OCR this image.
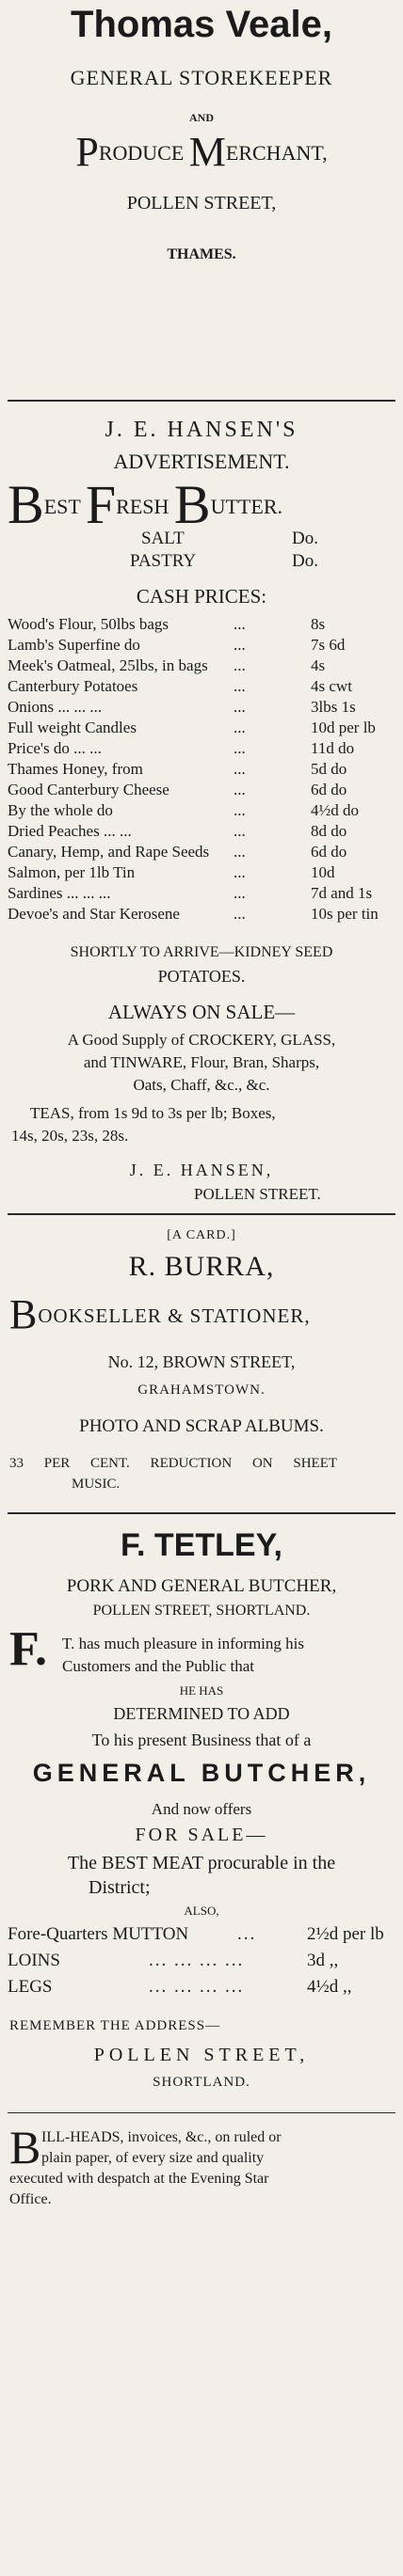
Thomas Veale,
GENERAL STOREKEEPER
AND
PRODUCE MERCHANT,
POLLEN STREET,
THAMES.
J. E. HANSEN'S
ADVERTISEMENT.
BEST FRESH BUTTER.
SALT	Do.
PASTRY	Do.
CASH PRICES:
Wood's Flour, 50lbs bags	...	8s
Lamb's Superfine do	...	7s 6d
Meek's Oatmeal, 25lbs, in bags ...	4s
Canterbury Potatoes	...	4s cwt
Onions ... ... ...	...	3lbs 1s
Full weight Candles	...	10d per lb
Price's do ... ...	...	11d do
Thames Honey, from	...	5d do
Good Canterbury Cheese	...	6d do
By the whole do	...	4½d do
Dried Peaches ... ...	...	8d do
Canary, Hemp, and Rape Seeds ...	6d do
Salmon, per 1lb Tin	...	10d
Sardines ... ... ...	...	7d and 1s
Devoe's and Star Kerosene	...	10s per tin
SHORTLY TO ARRIVE—KIDNEY SEED
POTATOES.
ALWAYS ON SALE—
A Good Supply of CROCKERY, GLASS,
and TINWARE, Flour, Bran, Sharps,
Oats, Chaff, &c., &c.
TEAS, from 1s 9d to 3s per lb; Boxes,
14s, 20s, 23s, 28s.
J. E. HANSEN,
POLLEN STREET.
[A CARD.]
R. BURRA,
BOOKSELLER & STATIONER,
No. 12, BROWN STREET,
GRAHAMSTOWN.
PHOTO AND SCRAP ALBUMS.
33 PER CENT. REDUCTION ON SHEET
MUSIC.
F. TETLEY,
PORK AND GENERAL BUTCHER,
POLLEN STREET, SHORTLAND.
F. T. has much pleasure in informing his
Customers and the Public that
HE HAS
DETERMINED TO ADD
To his present Business that of a
GENERAL BUTCHER,
And now offers
FOR SALE—
The BEST MEAT procurable in the
District;
ALSO,
Fore-Quarters MUTTON	...	2½d per lb
LOINS	... ... ... ...	3d ,,
LEGS	... ... ... ...	4½d ,,
REMEMBER THE ADDRESS—
POLLEN STREET,
SHORTLAND.
B ILL-HEADS, invoices, &c., on ruled or
plain paper, of every size and quality
executed with despatch at the Evening Star
Office.
